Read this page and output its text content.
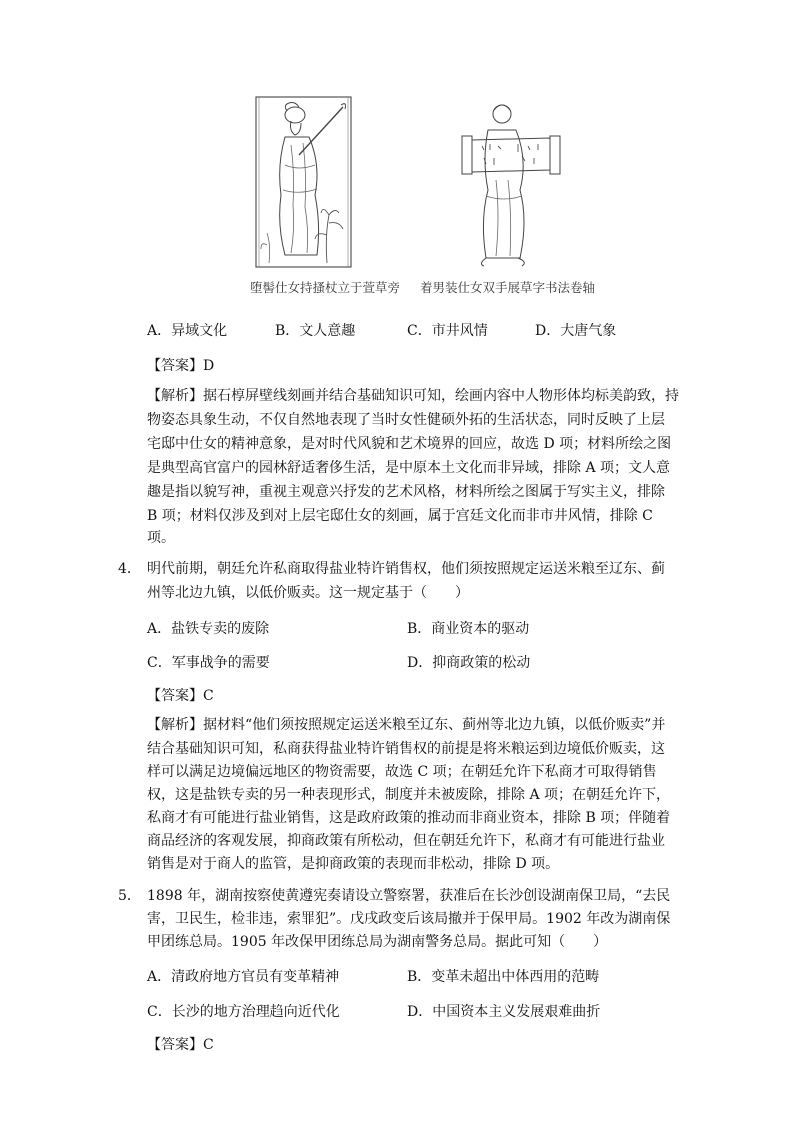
堕髻仕女持搔杖立于萱草旁 着男装仕女双手展草字书法卷轴
A．异域文化	B．文人意趣	C．市井风情	D．大唐气象
【答案】D
【解析】据石椁屏壁线刻画并结合基础知识可知，绘画内容中人物形体均标美韵致，持
物姿态具象生动，不仅自然地表现了当时女性健硕外拓的生活状态，同时反映了上层
宅邸中仕女的精神意象，是对时代风貌和艺术境界的回应，故选 D 项；材料所绘之图
是典型高官富户的园林舒适奢侈生活，是中原本土文化而非异域，排除 A 项；文人意
趣是指以貌写神，重视主观意兴抒发的艺术风格，材料所绘之图属于写实主义，排除
B 项；材料仅涉及到对上层宅邸仕女的刻画，属于宫廷文化而非市井风情，排除 C
项。
4． 明代前期，朝廷允许私商取得盐业特许销售权，他们须按照规定运送米粮至辽东、蓟
州等北边九镇，以低价贩卖。这一规定基于（　　）
A．盐铁专卖的废除	B．商业资本的驱动
C．军事战争的需要	D．抑商政策的松动
【答案】C
【解析】据材料“他们须按照规定运送米粮至辽东、蓟州等北边九镇，以低价贩卖”并
结合基础知识可知，私商获得盐业特许销售权的前提是将米粮运到边境低价贩卖，这
样可以满足边境偏远地区的物资需要，故选 C 项；在朝廷允许下私商才可取得销售
权，这是盐铁专卖的另一种表现形式，制度并未被废除，排除 A 项；在朝廷允许下，
私商才有可能进行盐业销售，这是政府政策的推动而非商业资本，排除 B 项；伴随着
商品经济的客观发展，抑商政策有所松动，但在朝廷允许下，私商才有可能进行盐业
销售是对于商人的监管，是抑商政策的表现而非松动，排除 D 项。
5． 1898 年，湖南按察使黄遵宪奏请设立警察署，获准后在长沙创设湖南保卫局，“去民
害，卫民生，检非违，索罪犯”。戊戌政变后该局撤并于保甲局。1902 年改为湖南保
甲团练总局。1905 年改保甲团练总局为湖南警务总局。据此可知（　　）
A．清政府地方官员有变革精神	B．变革未超出中体西用的范畴
C．长沙的地方治理趋向近代化	D．中国资本主义发展艰难曲折
【答案】C
